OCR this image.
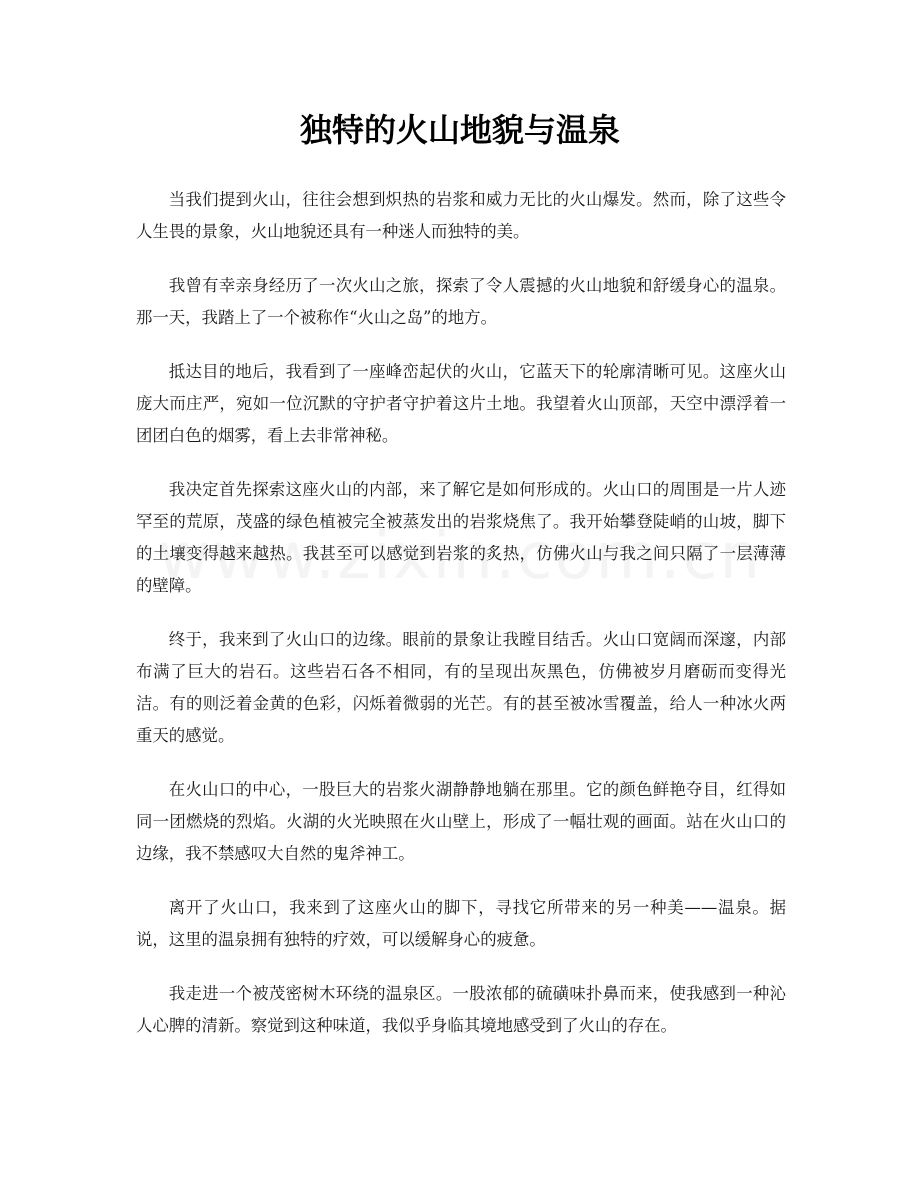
独特的火山地貌与温泉

当我们提到火山，往往会想到炽热的岩浆和威力无比的火山爆发。然而，除了这些令人生畏的景象，火山地貌还具有一种迷人而独特的美。

我曾有幸亲身经历了一次火山之旅，探索了令人震撼的火山地貌和舒缓身心的温泉。那一天，我踏上了一个被称作“火山之岛”的地方。

抵达目的地后，我看到了一座峰峦起伏的火山，它蓝天下的轮廓清晰可见。这座火山庞大而庄严，宛如一位沉默的守护者守护着这片土地。我望着火山顶部，天空中漂浮着一团团白色的烟雾，看上去非常神秘。

我决定首先探索这座火山的内部，来了解它是如何形成的。火山口的周围是一片人迹罕至的荒原，茂盛的绿色植被完全被蒸发出的岩浆烧焦了。我开始攀登陡峭的山坡，脚下的土壤变得越来越热。我甚至可以感觉到岩浆的炙热，仿佛火山与我之间只隔了一层薄薄的壁障。

终于，我来到了火山口的边缘。眼前的景象让我瞠目结舌。火山口宽阔而深邃，内部布满了巨大的岩石。这些岩石各不相同，有的呈现出灰黑色，仿佛被岁月磨砺而变得光洁。有的则泛着金黄的色彩，闪烁着微弱的光芒。有的甚至被冰雪覆盖，给人一种冰火两重天的感觉。

在火山口的中心，一股巨大的岩浆火湖静静地躺在那里。它的颜色鲜艳夺目，红得如同一团燃烧的烈焰。火湖的火光映照在火山壁上，形成了一幅壮观的画面。站在火山口的边缘，我不禁感叹大自然的鬼斧神工。

离开了火山口，我来到了这座火山的脚下，寻找它所带来的另一种美——温泉。据说，这里的温泉拥有独特的疗效，可以缓解身心的疲惫。

我走进一个被茂密树木环绕的温泉区。一股浓郁的硫磺味扑鼻而来，使我感到一种沁人心脾的清新。察觉到这种味道，我似乎身临其境地感受到了火山的存在。
